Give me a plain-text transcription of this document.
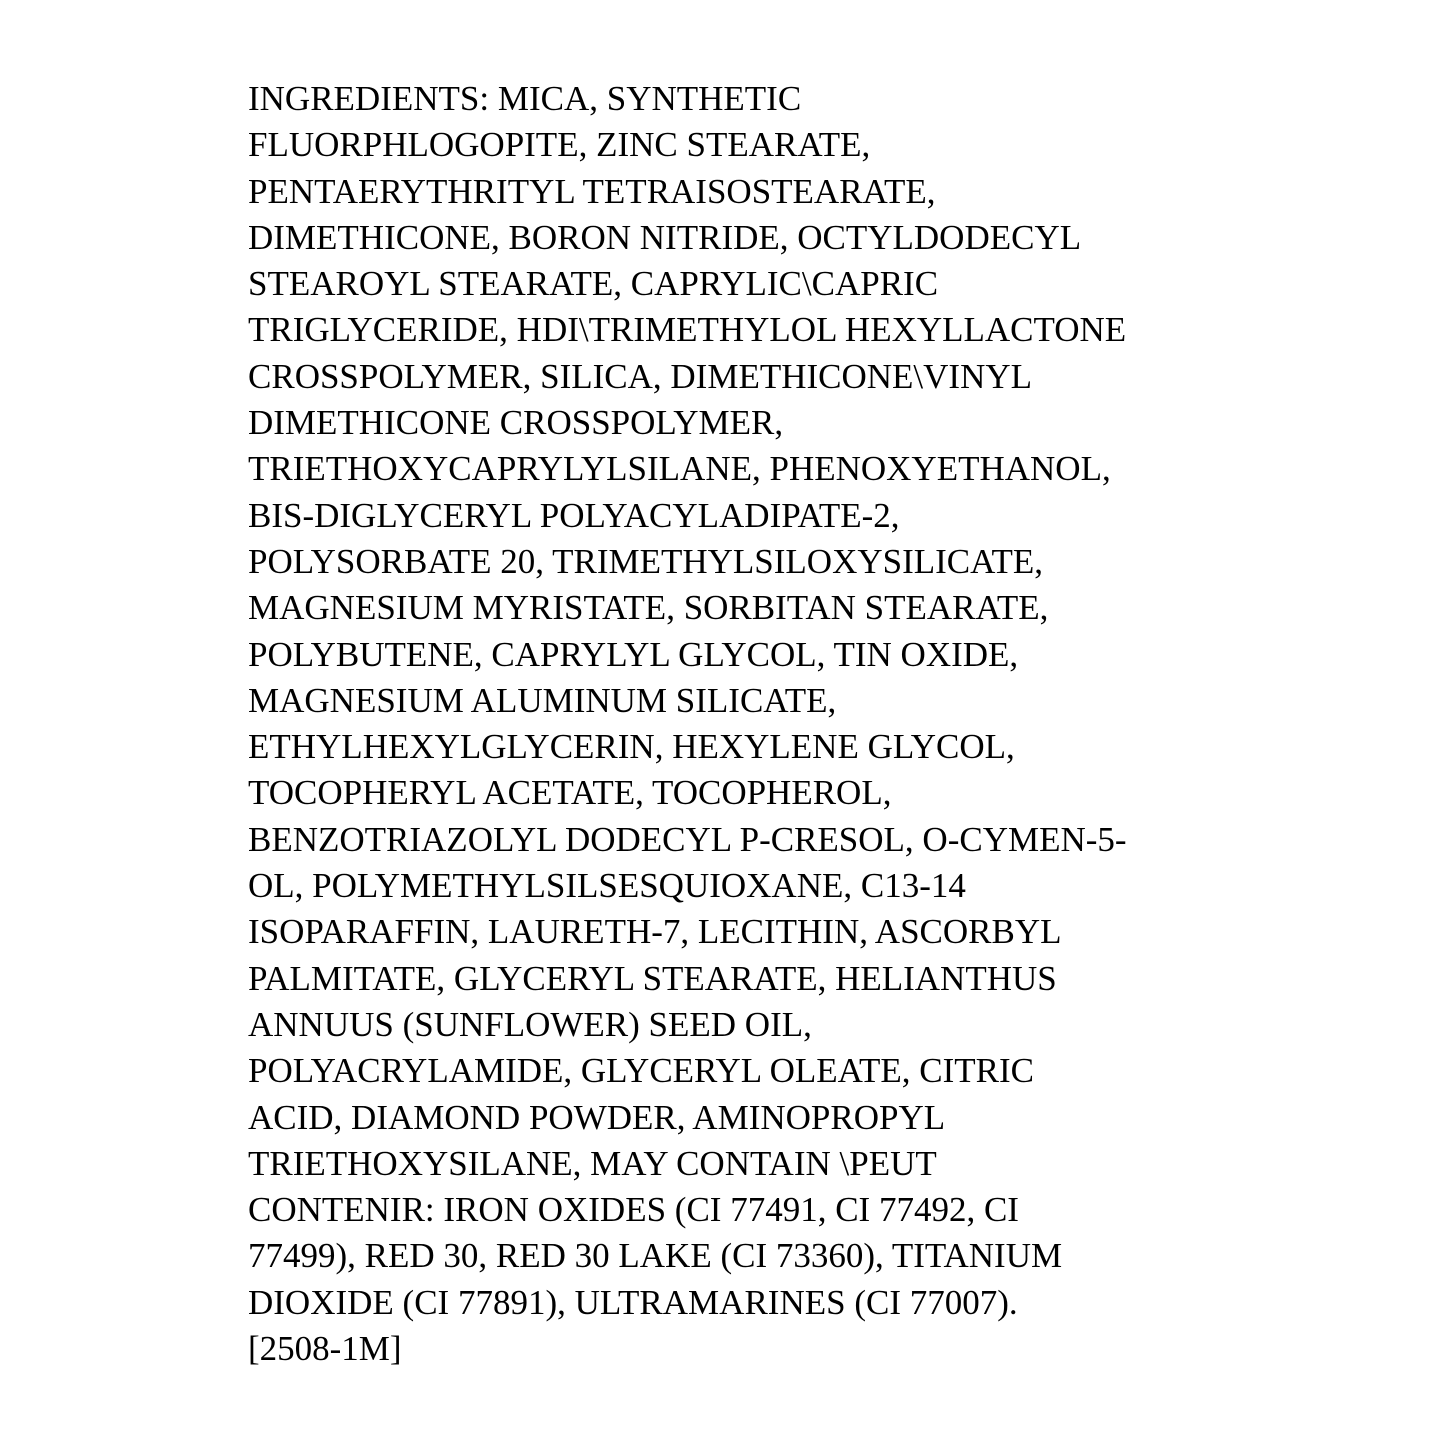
INGREDIENTS: MICA, SYNTHETIC
FLUORPHLOGOPITE, ZINC STEARATE,
PENTAERYTHRITYL TETRAISOSTEARATE,
DIMETHICONE, BORON NITRIDE, OCTYLDODECYL
STEAROYL STEARATE, CAPRYLIC\CAPRIC
TRIGLYCERIDE, HDI\TRIMETHYLOL HEXYLLACTONE
CROSSPOLYMER, SILICA, DIMETHICONE\VINYL
DIMETHICONE CROSSPOLYMER,
TRIETHOXYCAPRYLYLSILANE, PHENOXYETHANOL,
BIS-DIGLYCERYL POLYACYLADIPATE-2,
POLYSORBATE 20, TRIMETHYLSILOXYSILICATE,
MAGNESIUM MYRISTATE, SORBITAN STEARATE,
POLYBUTENE, CAPRYLYL GLYCOL, TIN OXIDE,
MAGNESIUM ALUMINUM SILICATE,
ETHYLHEXYLGLYCERIN, HEXYLENE GLYCOL,
TOCOPHERYL ACETATE, TOCOPHEROL,
BENZOTRIAZOLYL DODECYL P-CRESOL, O-CYMEN-5-
OL, POLYMETHYLSILSESQUIOXANE, C13-14
ISOPARAFFIN, LAURETH-7, LECITHIN, ASCORBYL
PALMITATE, GLYCERYL STEARATE, HELIANTHUS
ANNUUS (SUNFLOWER) SEED OIL,
POLYACRYLAMIDE, GLYCERYL OLEATE, CITRIC
ACID, DIAMOND POWDER, AMINOPROPYL
TRIETHOXYSILANE, MAY CONTAIN \PEUT
CONTENIR: IRON OXIDES (CI 77491, CI 77492, CI
77499), RED 30, RED 30 LAKE (CI 73360), TITANIUM
DIOXIDE (CI 77891), ULTRAMARINES (CI 77007).
[2508-1M]
